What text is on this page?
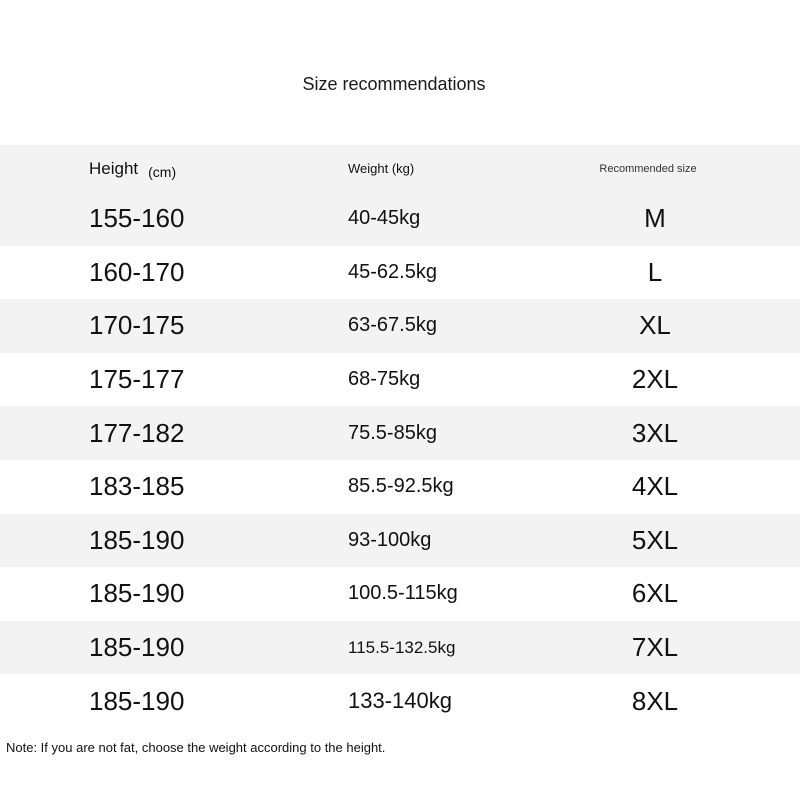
Size recommendations
Height (cm)	Weight (kg)	Recommended size
155-160	40-45kg	M
160-170	45-62.5kg	L
170-175	63-67.5kg	XL
175-177	68-75kg	2XL
177-182	75.5-85kg	3XL
183-185	85.5-92.5kg	4XL
185-190	93-100kg	5XL
185-190	100.5-115kg	6XL
185-190	115.5-132.5kg	7XL
185-190	133-140kg	8XL
Note: If you are not fat, choose the weight according to the height.
